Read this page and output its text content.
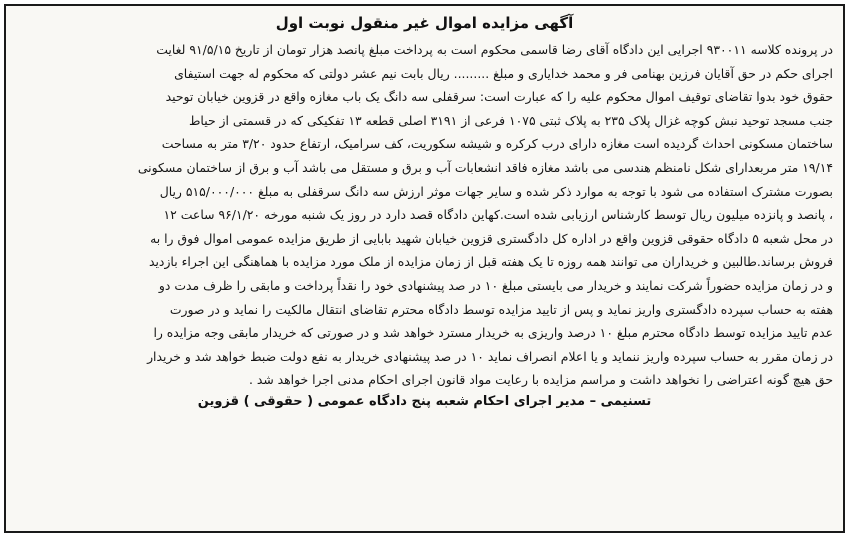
آگهی مزایده اموال غیر منقول نوبت اول

در پرونده کلاسه ۹۳۰۰۱۱ اجرایی این دادگاه آقای رضا قاسمی محکوم است به پرداخت مبلغ پانصد هزار تومان از تاریخ ۹۱/۵/۱۵ لغایت
اجرای حکم در حق آقایان فرزین بهنامی فر و محمد خدایاری و مبلغ ......... ریال بابت نیم عشر دولتی که محکوم له جهت استیفای
حقوق خود بدوا تقاضای توقیف اموال محکوم علیه را که عبارت است: سرقفلی سه دانگ یک باب مغازه واقع در قزوین خیابان توحید
جنب مسجد توحید نبش کوچه غزال پلاک ۲۳۵ به پلاک ثبتی ۱۰۷۵ فرعی از ۳۱۹۱ اصلی قطعه ۱۳ تفکیکی که در قسمتی از حیاط
ساختمان مسکونی احداث گردیده است مغازه دارای درب کرکره و شیشه سکوریت، کف سرامیک، ارتفاع حدود ۳/۲۰ متر به مساحت
۱۹/۱۴ متر مربعدارای شکل نامنظم هندسی می باشد مغازه فاقد انشعابات آب و برق و مستقل می باشد آب و برق از ساختمان مسکونی
بصورت مشترک استفاده می شود با توجه به موارد ذکر شده و سایر جهات موثر ارزش سه دانگ سرقفلی به مبلغ ۵۱۵/۰۰۰/۰۰۰ ریال
، پانصد و پانزده میلیون ریال توسط کارشناس ارزیابی شده است.کهاین دادگاه قصد دارد در روز یک شنبه مورخه ۹۶/۱/۲۰ ساعت ۱۲
در محل شعبه ۵ دادگاه حقوقی قزوین واقع در اداره کل دادگستری قزوین خیابان شهید بابایی از طریق مزایده عمومی اموال فوق را به
فروش برساند.طالبین و خریداران می توانند همه روزه تا یک هفته قبل از زمان مزایده از ملک مورد مزایده با هماهنگی این اجراء بازدید
و در زمان مزایده حضوراً شرکت نمایند و خریدار می بایستی مبلغ ۱۰ در صد پیشنهادی خود را نقداً پرداخت و مابقی را ظرف مدت دو
هفته به حساب سپرده دادگستری واریز نماید و پس از تایید مزایده توسط دادگاه محترم تقاضای انتقال مالکیت را نماید و در صورت
عدم تایید مزایده توسط دادگاه محترم مبلغ ۱۰ درصد واریزی به خریدار مسترد خواهد شد و در صورتی که خریدار مابقی وجه مزایده را
در زمان مقرر به حساب سپرده واریز ننماید و یا اعلام انصراف نماید ۱۰ در صد پیشنهادی خریدار به نفع دولت ضبط خواهد شد و خریدار
حق هیچ گونه اعتراضی را نخواهد داشت و مراسم مزایده با رعایت مواد قانون اجرای احکام مدنی اجرا خواهد شد .

تسنیمی – مدیر اجرای احکام شعبه پنج دادگاه عمومی ( حقوقی ) قزوین
